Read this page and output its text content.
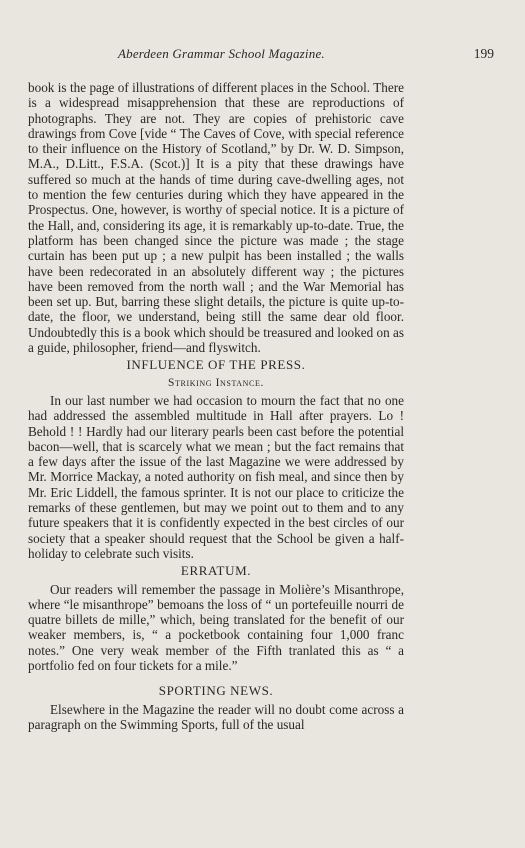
Aberdeen Grammar School Magazine.	199

book is the page of illustrations of different places in the School. There is a widespread misapprehension that these are reproductions of photographs. They are not. They are copies of prehistoric cave drawings from Cove [vide “ The Caves of Cove, with special reference to their influence on the History of Scotland,” by Dr. W. D. Simpson, M.A., D.Litt., F.S.A. (Scot.)] It is a pity that these drawings have suffered so much at the hands of time during cave-dwelling ages, not to mention the few centuries during which they have appeared in the Prospectus. One, however, is worthy of special notice. It is a picture of the Hall, and, considering its age, it is remarkably up-to-date. True, the platform has been changed since the picture was made ; the stage curtain has been put up ; a new pulpit has been installed ; the walls have been redecorated in an absolutely different way ; the pictures have been removed from the north wall ; and the War Memorial has been set up. But, barring these slight details, the picture is quite up-to-date, the floor, we understand, being still the same dear old floor. Undoubtedly this is a book which should be treasured and looked on as a guide, philosopher, friend—and flyswitch.

INFLUENCE OF THE PRESS.
Striking Instance.

In our last number we had occasion to mourn the fact that no one had addressed the assembled multitude in Hall after prayers. Lo ! Behold ! ! Hardly had our literary pearls been cast before the potential bacon—well, that is scarcely what we mean ; but the fact remains that a few days after the issue of the last Magazine we were addressed by Mr. Morrice Mackay, a noted authority on fish meal, and since then by Mr. Eric Liddell, the famous sprinter. It is not our place to criticize the remarks of these gentlemen, but may we point out to them and to any future speakers that it is confidently expected in the best circles of our society that a speaker should request that the School be given a half-holiday to celebrate such visits.

ERRATUM.

Our readers will remember the passage in Molière’s Misanthrope, where “le misanthrope” bemoans the loss of “ un portefeuille nourri de quatre billets de mille,” which, being translated for the benefit of our weaker members, is, “ a pocketbook containing four 1,000 franc notes.” One very weak member of the Fifth tranlated this as “ a portfolio fed on four tickets for a mile.”

SPORTING NEWS.

Elsewhere in the Magazine the reader will no doubt come across a paragraph on the Swimming Sports, full of the usual
